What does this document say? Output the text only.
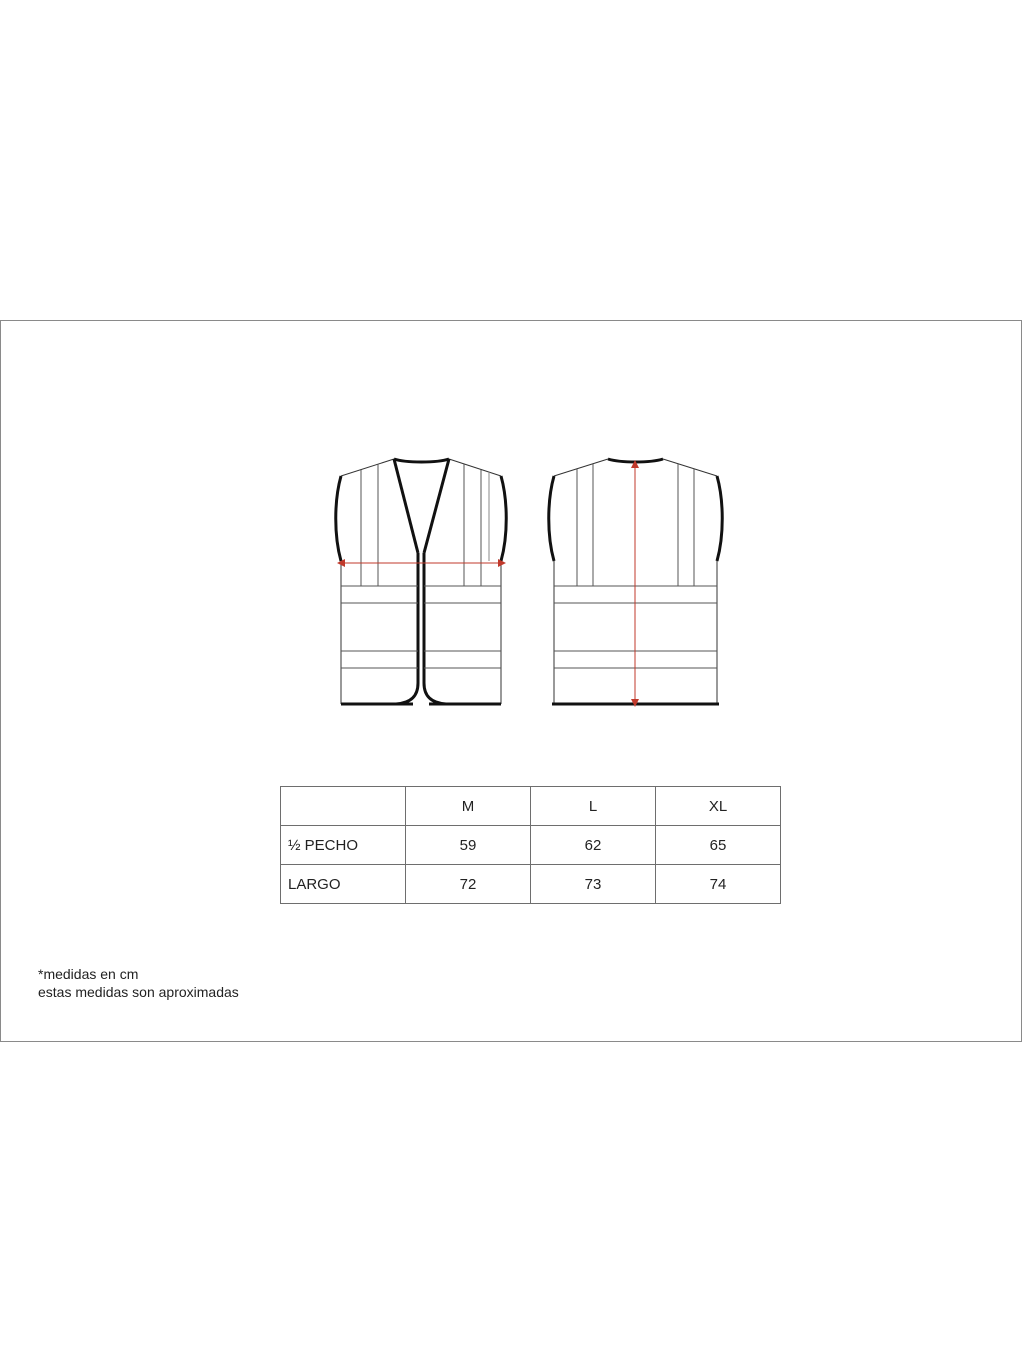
	M	L	XL
½ PECHO	59	62	65
LARGO	72	73	74
*medidas en cm
estas medidas son aproximadas
